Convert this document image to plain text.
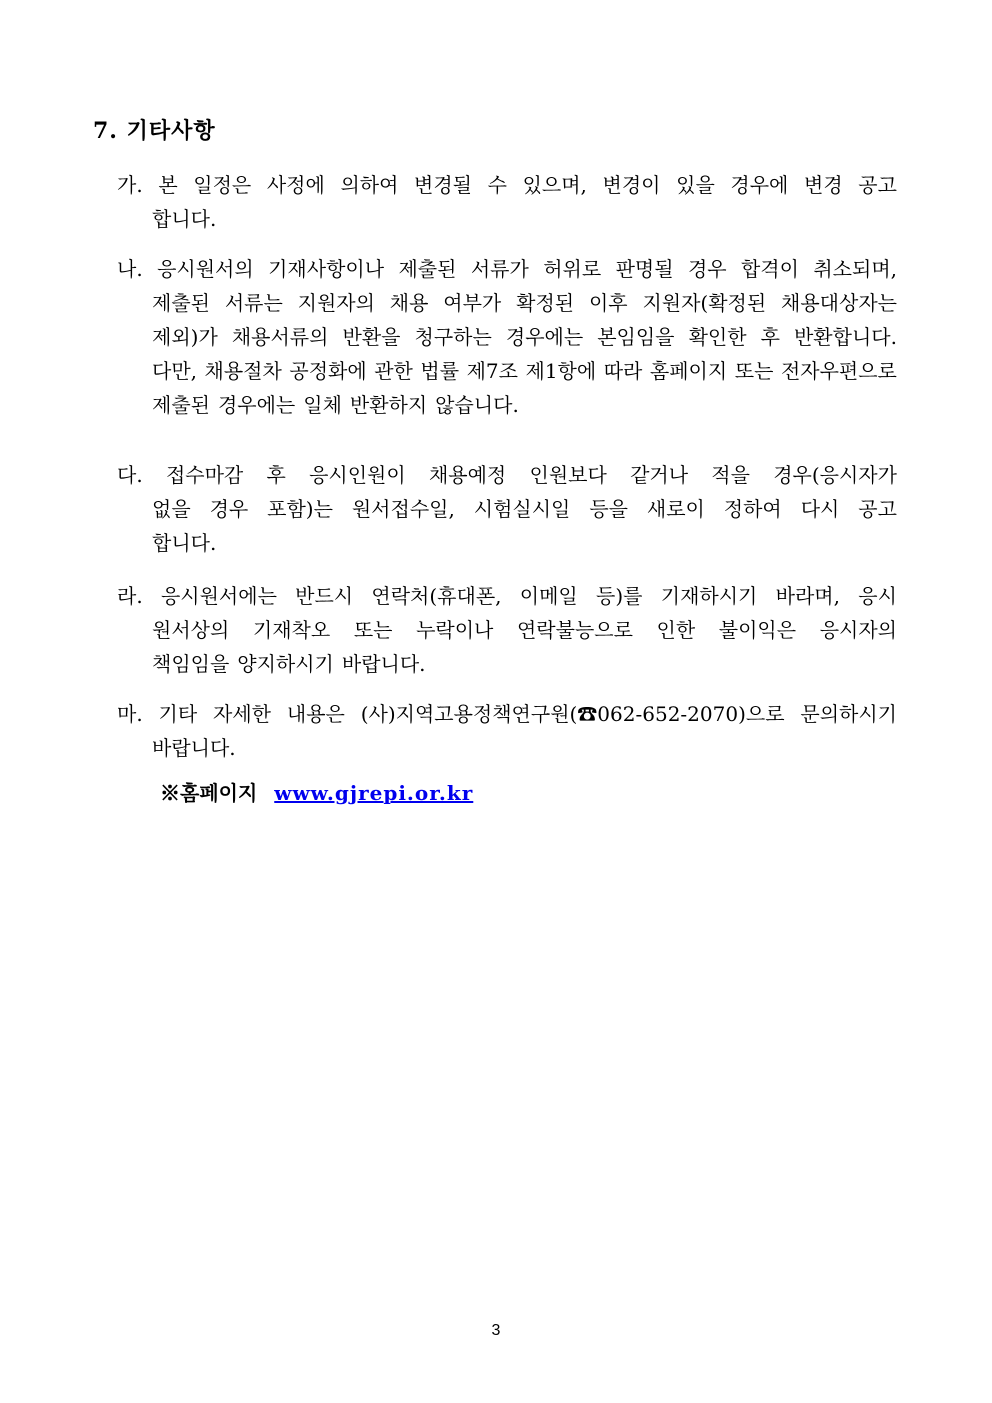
7. 기타사항
가. 본 일정은 사정에 의하여 변경될 수 있으며, 변경이 있을 경우에 변경 공고
합니다.
나. 응시원서의 기재사항이나 제출된 서류가 허위로 판명될 경우 합격이 취소되며,
제출된 서류는 지원자의 채용 여부가 확정된 이후 지원자(확정된 채용대상자는
제외)가 채용서류의 반환을 청구하는 경우에는 본임임을 확인한 후 반환합니다.
다만, 채용절차 공정화에 관한 법률 제7조 제1항에 따라 홈페이지 또는 전자우편으로
제출된 경우에는 일체 반환하지 않습니다.
다. 접수마감 후 응시인원이 채용예정 인원보다 같거나 적을 경우(응시자가
없을 경우 포함)는 원서접수일, 시험실시일 등을 새로이 정하여 다시 공고
합니다.
라. 응시원서에는 반드시 연락처(휴대폰, 이메일 등)를 기재하시기 바라며, 응시
원서상의 기재착오 또는 누락이나 연락불능으로 인한 불이익은 응시자의
책임임을 양지하시기 바랍니다.
마. 기타 자세한 내용은 (사)지역고용정책연구원(☎062-652-2070)으로 문의하시기
바랍니다.
※홈페이지 www.gjrepi.or.kr
3
